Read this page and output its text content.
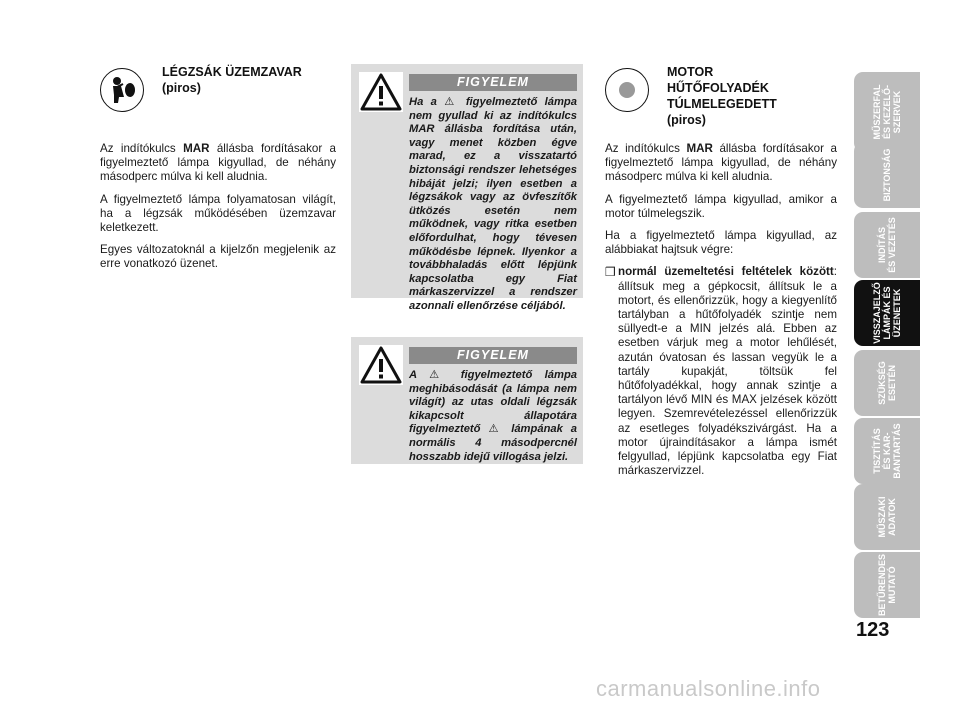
LÉGZSÁK ÜZEMZAVAR
(piros)

Az indítókulcs MAR állásba fordításakor a figyelmeztető lámpa kigyullad, de néhány másodperc múlva ki kell aludnia.

A figyelmeztető lámpa folyamatosan világít, ha a légzsák működésében üzemzavar keletkezett.

Egyes változatoknál a kijelzőn megjelenik az erre vonatkozó üzenet.

FIGYELEM
Ha a ⚠ figyelmeztető lámpa nem gyullad ki az indítókulcs MAR állásba fordítása után, vagy menet közben égve marad, ez a visszatartó biztonsági rendszer lehetséges hibáját jelzi; ilyen esetben a légzsákok vagy az övfeszítők ütközés esetén nem működnek, vagy ritka esetben előfordulhat, hogy tévesen működésbe lépnek. Ilyenkor a továbbhaladás előtt lépjünk kapcsolatba egy Fiat márkaszervizzel a rendszer azonnali ellenőrzése céljából.
FIGYELEM
A ⚠ figyelmeztető lámpa meghibásodását (a lámpa nem világít) az utas oldali légzsák kikapcsolt állapotára figyelmeztető ⚠ lámpának a normális 4 másodpercnél hosszabb idejű villogása jelzi.
MOTOR
HŰTŐFOLYADÉK
TÚLMELEGEDETT
(piros)

Az indítókulcs MAR állásba fordításakor a figyelmeztető lámpa kigyullad, de néhány másodperc múlva ki kell aludnia.

A figyelmeztető lámpa kigyullad, amikor a motor túlmelegszik.

Ha a figyelmeztető lámpa kigyullad, az alábbiakat hajtsuk végre:

❒ normál üzemeltetési feltételek között: állítsuk meg a gépkocsit, állítsuk le a motort, és ellenőrizzük, hogy a kiegyenlítő tartályban a hűtőfolyadék szintje nem süllyedt-e a MIN jelzés alá. Ebben az esetben várjuk meg a motor lehűlését, azután óvatosan és lassan vegyük le a tartály kupakját, töltsük fel hűtőfolyadékkal, hogy annak szintje a tartályon lévő MIN és MAX jelzések között legyen. Szemrevételezéssel ellenőrizzük az esetleges folyadékszivárgást. Ha a motor újraindításakor a lámpa ismét felgyullad, lépjünk kapcsolatba egy Fiat márkaszervizzel.
MŰSZERFAL ÉS KEZELŐ- SZERVEK
BIZTONSÁG
INDÍTÁS ÉS VEZETÉS
VISSZAJELZŐ LÁMPÁK ÉS ÜZENETEK
SZÜKSÉG ESETÉN
TISZTÍTÁS ÉS KAR- BANTARTÁS
MŰSZAKI ADATOK
BETŰRENDES MUTATÓ
123
carmanualsonline.info
